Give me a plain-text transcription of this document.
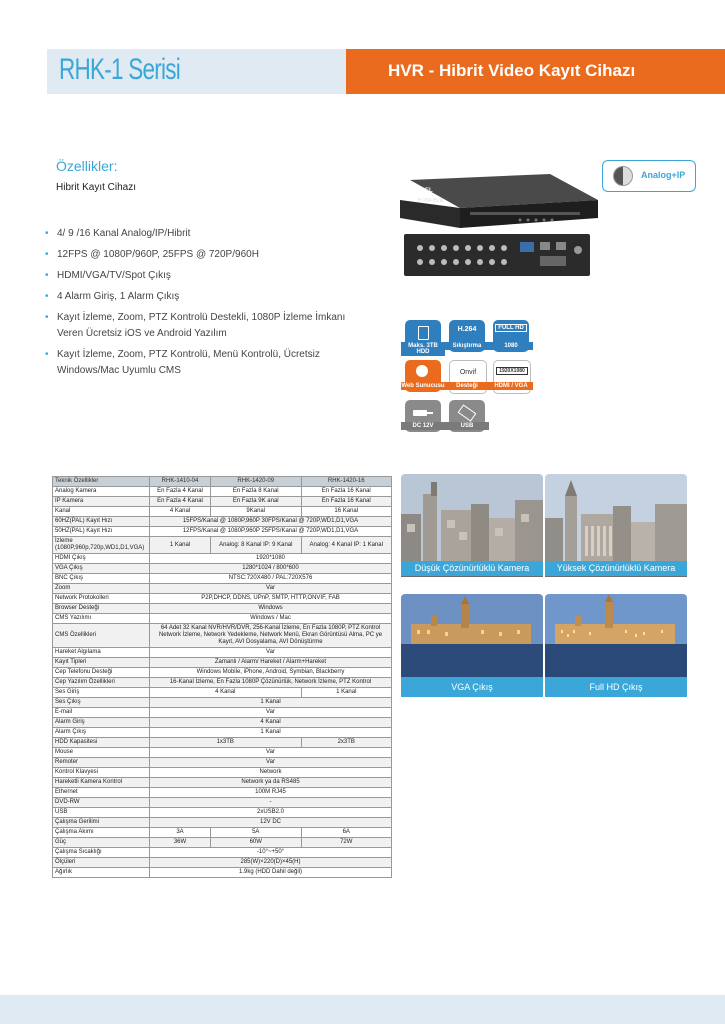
RHK-1 Serisi	HVR - Hibrit Video Kayıt Cihazı
Özellikler:
Hibrit Kayıt Cihazı
• 4/ 9 /16 Kanal Analog/IP/Hibrit
• 12FPS @ 1080P/960P, 25FPS @ 720P/960H
• HDMI/VGA/TV/Spot Çıkış
• 4 Alarm Giriş, 1 Alarm Çıkış
• Kayıt İzleme, Zoom, PTZ Kontrolü Destekli, 1080P İzleme İmkanı Veren Ücretsiz iOS ve Android Yazılım
• Kayıt İzleme, Zoom, PTZ Kontrolü, Menü Kontrolü, Ücretsiz Windows/Mac Uyumlu CMS
HAREL
H.264 HVR
Analog+IP
Maks. 3TB HDD
H.264
Sıkıştırma
FULL HD
1080
Web Sunucusu
Onvif
Desteği
1920X1080
HDMI / VGA
DC 12V	USB
Teknik Özellikler	RHK-1410-04	RHK-1420-09	RHK-1420-16
Analog Kamera	En Fazla 4 Kanal	En Fazla 8 Kanal	En Fazla 16 Kanal
IP Kamera	En Fazla 4 Kanal	En Fazla 9K anal	En Fazla 16 Kanal
Kanal	4 Kanal	9Kanal	16 Kanal
60HZ(PAL) Kayıt Hızı	15FPS/Kanal @ 1080P,960P 30FPS/Kanal @ 720P,WD1,D1,VGA		
50HZ(PAL) Kayıt Hızı	12FPS/Kanal @ 1080P,960P 25FPS/Kanal @ 720P,WD1,D1,VGA		
İzleme (1080P,960p,720p,WD1,D1,VGA)	1 Kanal	Analog: 8 Kanal IP: 9 Kanal	Analog: 4 Kanal IP: 1 Kanal
HDMI Çıkış	1920*1080		
VGA Çıkış	1280*1024 / 800*600		
BNC Çıkış	NTSC:720X480 / PAL:720X576		
Zoom	Var		
Network Protokolleri	P2P,DHCP, DDNS, UPnP, SMTP, HTTP,ONVIF, FAB		
Browser Desteği	Windows		
CMS Yazılımı	Windows / Mac		
CMS Özellikleri	64 Adet 32 Kanal NVR/HVR/DVR, 256-Kanal İzleme, En Fazla 1080P, PTZ Kontrol Network İzleme, Network Yedekleme, Network Menü, Ekran Görüntüsü Alma, PC ye Kayıt, AVI Dosyalama, AVI Dönüştürme		
Hareket Algılama	Var		
Kayıt Tipleri	Zamanlı / Alarm/ Hareket / Alarm+Hareket		
Cep Telefonu Desteği	Windows Mobile, iPhone, Android, Symbian, Blackberry		
Cep Yazılım Özellikleri	16-Kanal İzleme, En Fazla 1080P Çözünürlük, Network İzleme, PTZ Kontrol		
Ses Giriş	4 Kanal		1 Kanal
Ses Çıkış	1 Kanal		
E-mail	Var		
Alarm Giriş	4 Kanal		
Alarm Çıkış	1 Kanal		
HDD Kapasitesi	1x3TB		2x3TB
Mouse	Var		
Remoter	Var		
Kontrol Klavyesi	Network		
Hareketli Kamera Kontrol	Network ya da RS485		
Ethernet	100M RJ45		
DVD-RW	-		
USB	2xUSB2.0		
Çalışma Gerilimi	12V DC		
Çalışma Akımı	3A	5A	6A
Güç	36W	60W	72W
Çalışma Sıcaklığı	-10°~+50°		
Ölçüleri	285(W)×220(D)×45(H)		
Ağırlık	1.9kg (HDD Dahil değil)		
Düşük Çözünürlüklü Kamera	Yüksek Çözünürlüklü Kamera
VGA Çıkış	Full HD Çıkış
